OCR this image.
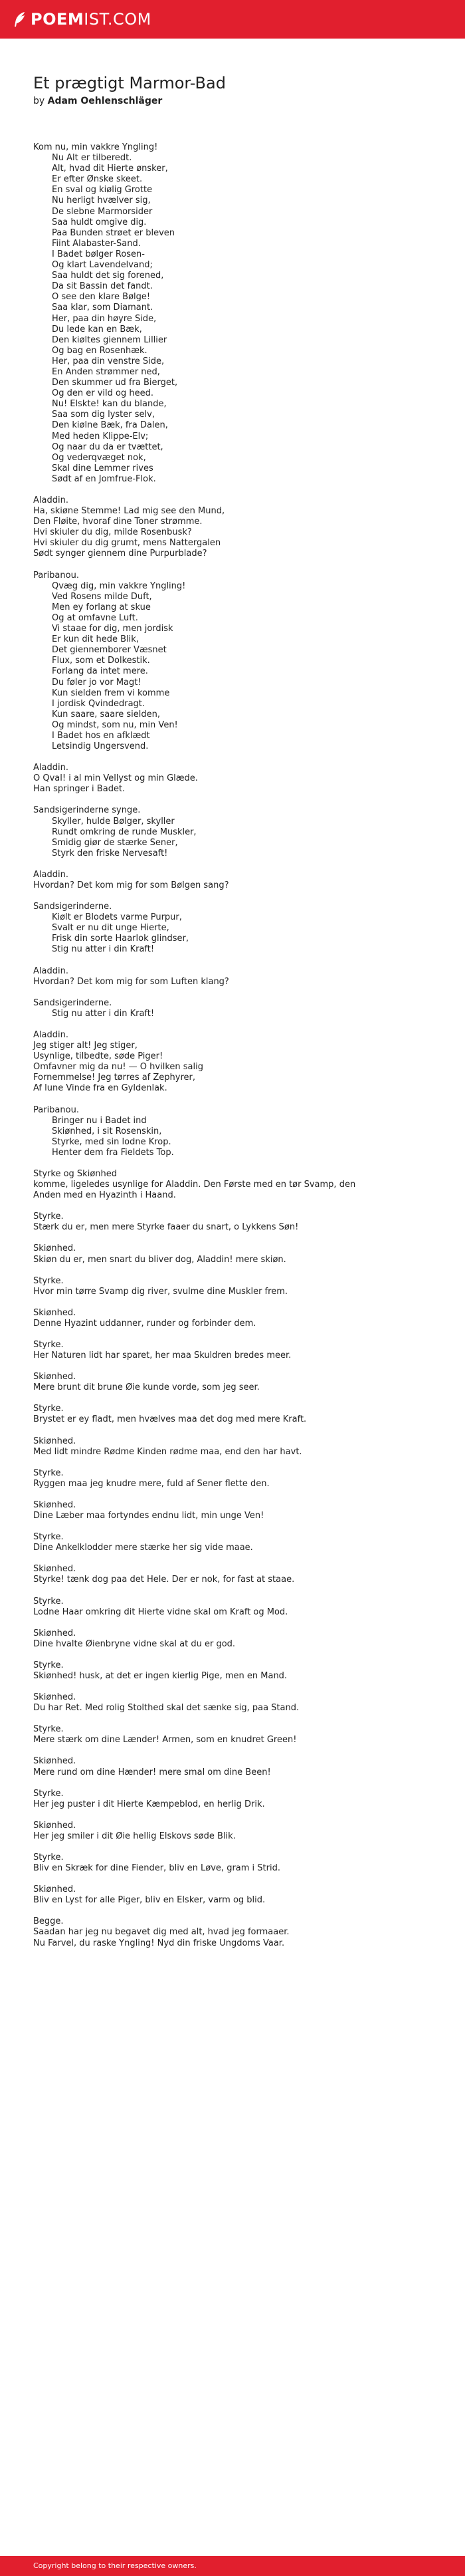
POEM IST.COM
Et prægtigt Marmor-Bad
by Adam Oehlenschläger
Kom nu, min vakkre Yngling!
Nu Alt er tilberedt.
Alt, hvad dit Hierte ønsker,
Er efter Ønske skeet.
En sval og kiølig Grotte
Nu herligt hvælver sig,
De slebne Marmorsider
Saa huldt omgive dig.
Paa Bunden strøet er bleven
Fiint Alabaster-Sand.
I Badet bølger Rosen-
Og klart Lavendelvand;
Saa huldt det sig forened,
Da sit Bassin det fandt.
O see den klare Bølge!
Saa klar, som Diamant.
Her, paa din høyre Side,
Du lede kan en Bæk,
Den kiøltes giennem Lillier
Og bag en Rosenhæk.
Her, paa din venstre Side,
En Anden strømmer ned,
Den skummer ud fra Bierget,
Og den er vild og heed.
Nu! Elskte! kan du blande,
Saa som dig lyster selv,
Den kiølne Bæk, fra Dalen,
Med heden Klippe-Elv;
Og naar du da er tvættet,
Og vederqvæget nok,
Skal dine Lemmer rives
Sødt af en Jomfrue-Flok.
Aladdin.
Ha, skiøne Stemme! Lad mig see den Mund,
Den Fløite, hvoraf dine Toner strømme.
Hvi skiuler du dig, milde Rosenbusk?
Hvi skiuler du dig grumt, mens Nattergalen
Sødt synger giennem dine Purpurblade?
Paribanou.
Qvæg dig, min vakkre Yngling!
Ved Rosens milde Duft,
Men ey forlang at skue
Og at omfavne Luft.
Vi staae for dig, men jordisk
Er kun dit hede Blik,
Det giennemborer Væsnet
Flux, som et Dolkestik.
Forlang da intet mere.
Du føler jo vor Magt!
Kun sielden frem vi komme
I jordisk Qvindedragt.
Kun saare, saare sielden,
Og mindst, som nu, min Ven!
I Badet hos en afklædt
Letsindig Ungersvend.
Aladdin.
O Qval! i al min Vellyst og min Glæde.
Han springer i Badet.
Sandsigerinderne synge.
Skyller, hulde Bølger, skyller
Rundt omkring de runde Muskler,
Smidig giør de stærke Sener,
Styrk den friske Nervesaft!
Aladdin.
Hvordan? Det kom mig for som Bølgen sang?
Sandsigerinderne.
Kiølt er Blodets varme Purpur,
Svalt er nu dit unge Hierte,
Frisk din sorte Haarlok glindser,
Stig nu atter i din Kraft!
Aladdin.
Hvordan? Det kom mig for som Luften klang?
Sandsigerinderne.
Stig nu atter i din Kraft!
Aladdin.
Jeg stiger alt! Jeg stiger,
Usynlige, tilbedte, søde Piger!
Omfavner mig da nu! — O hvilken salig
Fornemmelse! Jeg tørres af Zephyrer,
Af lune Vinde fra en Gyldenlak.
Paribanou.
Bringer nu i Badet ind
Skiønhed, i sit Rosenskin,
Styrke, med sin lodne Krop.
Henter dem fra Fieldets Top.
Styrke og Skiønhed
komme, ligeledes usynlige for Aladdin. Den Første med en tør Svamp, den
Anden med en Hyazinth i Haand.
Styrke.
Stærk du er, men mere Styrke faaer du snart, o Lykkens Søn!
Skiønhed.
Skiøn du er, men snart du bliver dog, Aladdin! mere skiøn.
Styrke.
Hvor min tørre Svamp dig river, svulme dine Muskler frem.
Skiønhed.
Denne Hyazint uddanner, runder og forbinder dem.
Styrke.
Her Naturen lidt har sparet, her maa Skuldren bredes meer.
Skiønhed.
Mere brunt dit brune Øie kunde vorde, som jeg seer.
Styrke.
Brystet er ey fladt, men hvælves maa det dog med mere Kraft.
Skiønhed.
Med lidt mindre Rødme Kinden rødme maa, end den har havt.
Styrke.
Ryggen maa jeg knudre mere, fuld af Sener flette den.
Skiønhed.
Dine Læber maa fortyndes endnu lidt, min unge Ven!
Styrke.
Dine Ankelklodder mere stærke her sig vide maae.
Skiønhed.
Styrke! tænk dog paa det Hele. Der er nok, for fast at staae.
Styrke.
Lodne Haar omkring dit Hierte vidne skal om Kraft og Mod.
Skiønhed.
Dine hvalte Øienbryne vidne skal at du er god.
Styrke.
Skiønhed! husk, at det er ingen kierlig Pige, men en Mand.
Skiønhed.
Du har Ret. Med rolig Stolthed skal det sænke sig, paa Stand.
Styrke.
Mere stærk om dine Lænder! Armen, som en knudret Green!
Skiønhed.
Mere rund om dine Hænder! mere smal om dine Been!
Styrke.
Her jeg puster i dit Hierte Kæmpeblod, en herlig Drik.
Skiønhed.
Her jeg smiler i dit Øie hellig Elskovs søde Blik.
Styrke.
Bliv en Skræk for dine Fiender, bliv en Løve, gram i Strid.
Skiønhed.
Bliv en Lyst for alle Piger, bliv en Elsker, varm og blid.
Begge.
Saadan har jeg nu begavet dig med alt, hvad jeg formaaer.
Nu Farvel, du raske Yngling! Nyd din friske Ungdoms Vaar.
Copyright belong to their respective owners.
